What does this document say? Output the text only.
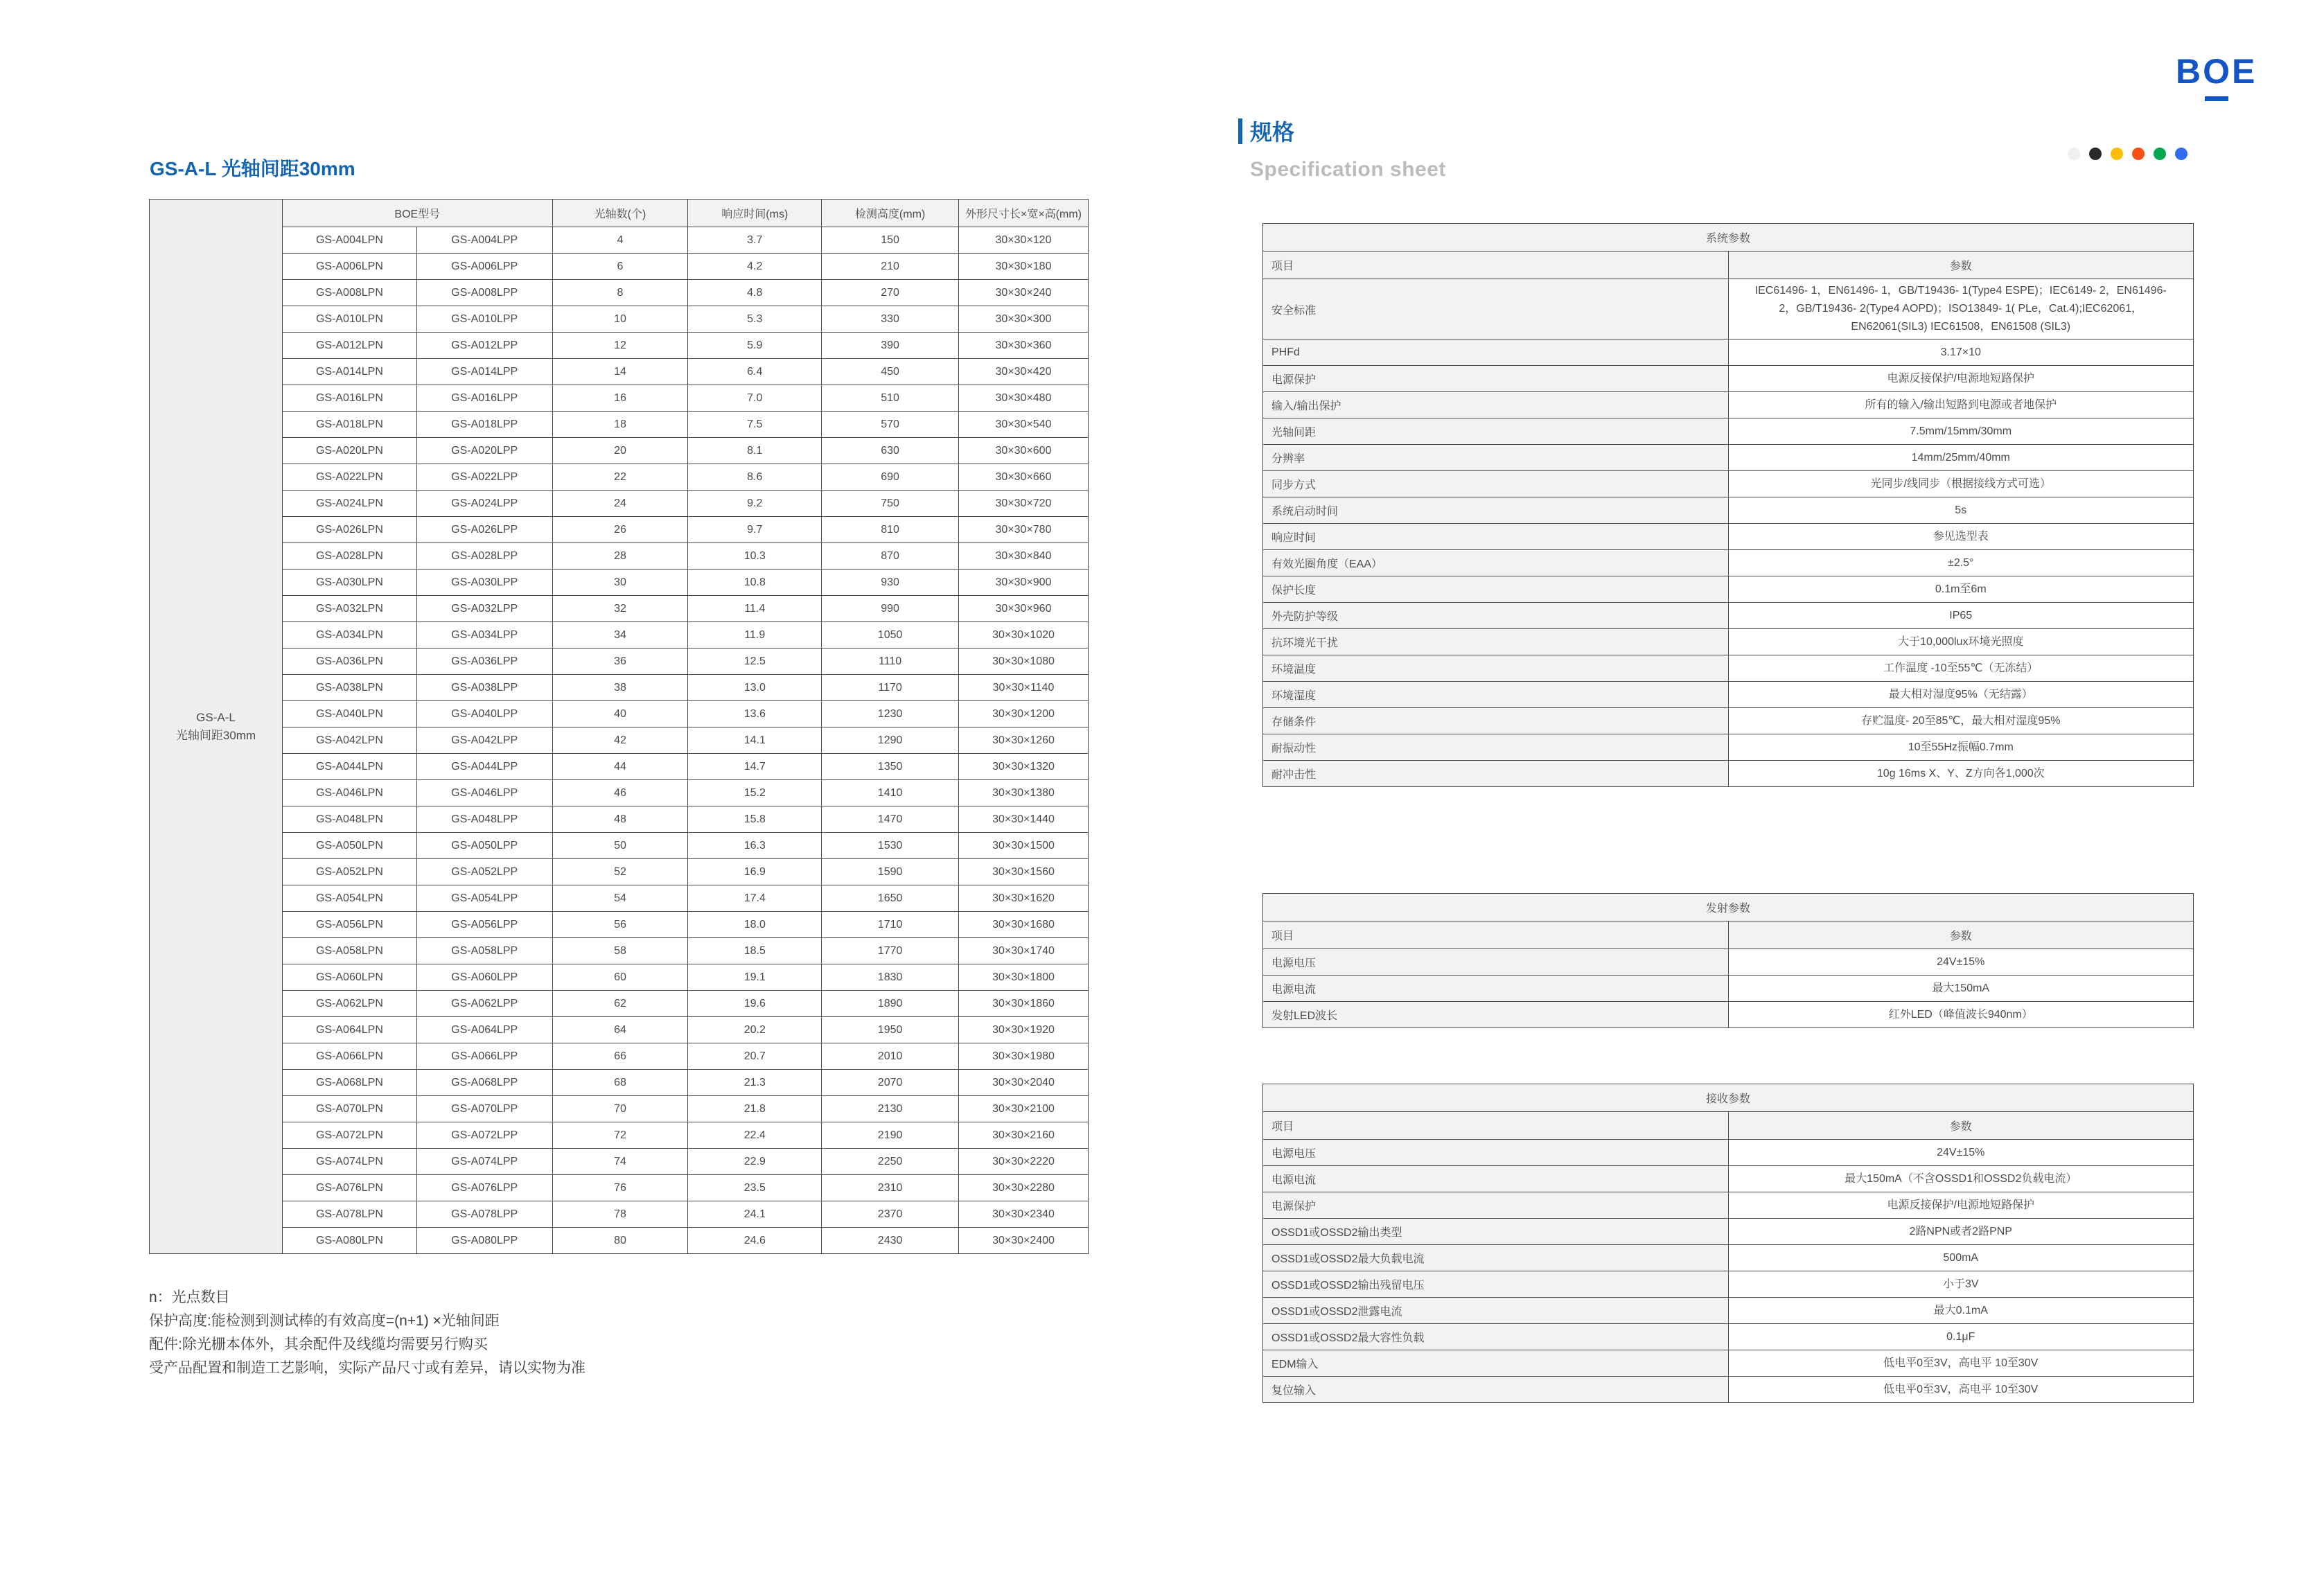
B O E
规格
Specification sheet
GS-A-L 光轴间距30mm
GS-A-L
光轴间距30mm
BOE型号		光轴数(个)	响应时间(ms)	检测高度(mm)	外形尺寸长×宽×高(mm)
GS-A004LPN	GS-A004LPP	4	3.7	150	30×30×120
GS-A006LPN	GS-A006LPP	6	4.2	210	30×30×180
GS-A008LPN	GS-A008LPP	8	4.8	270	30×30×240
GS-A010LPN	GS-A010LPP	10	5.3	330	30×30×300
GS-A012LPN	GS-A012LPP	12	5.9	390	30×30×360
GS-A014LPN	GS-A014LPP	14	6.4	450	30×30×420
GS-A016LPN	GS-A016LPP	16	7.0	510	30×30×480
GS-A018LPN	GS-A018LPP	18	7.5	570	30×30×540
GS-A020LPN	GS-A020LPP	20	8.1	630	30×30×600
GS-A022LPN	GS-A022LPP	22	8.6	690	30×30×660
GS-A024LPN	GS-A024LPP	24	9.2	750	30×30×720
GS-A026LPN	GS-A026LPP	26	9.7	810	30×30×780
GS-A028LPN	GS-A028LPP	28	10.3	870	30×30×840
GS-A030LPN	GS-A030LPP	30	10.8	930	30×30×900
GS-A032LPN	GS-A032LPP	32	11.4	990	30×30×960
GS-A034LPN	GS-A034LPP	34	11.9	1050	30×30×1020
GS-A036LPN	GS-A036LPP	36	12.5	1110	30×30×1080
GS-A038LPN	GS-A038LPP	38	13.0	1170	30×30×1140
GS-A040LPN	GS-A040LPP	40	13.6	1230	30×30×1200
GS-A042LPN	GS-A042LPP	42	14.1	1290	30×30×1260
GS-A044LPN	GS-A044LPP	44	14.7	1350	30×30×1320
GS-A046LPN	GS-A046LPP	46	15.2	1410	30×30×1380
GS-A048LPN	GS-A048LPP	48	15.8	1470	30×30×1440
GS-A050LPN	GS-A050LPP	50	16.3	1530	30×30×1500
GS-A052LPN	GS-A052LPP	52	16.9	1590	30×30×1560
GS-A054LPN	GS-A054LPP	54	17.4	1650	30×30×1620
GS-A056LPN	GS-A056LPP	56	18.0	1710	30×30×1680
GS-A058LPN	GS-A058LPP	58	18.5	1770	30×30×1740
GS-A060LPN	GS-A060LPP	60	19.1	1830	30×30×1800
GS-A062LPN	GS-A062LPP	62	19.6	1890	30×30×1860
GS-A064LPN	GS-A064LPP	64	20.2	1950	30×30×1920
GS-A066LPN	GS-A066LPP	66	20.7	2010	30×30×1980
GS-A068LPN	GS-A068LPP	68	21.3	2070	30×30×2040
GS-A070LPN	GS-A070LPP	70	21.8	2130	30×30×2100
GS-A072LPN	GS-A072LPP	72	22.4	2190	30×30×2160
GS-A074LPN	GS-A074LPP	74	22.9	2250	30×30×2220
GS-A076LPN	GS-A076LPP	76	23.5	2310	30×30×2280
GS-A078LPN	GS-A078LPP	78	24.1	2370	30×30×2340
GS-A080LPN	GS-A080LPP	80	24.6	2430	30×30×2400
n：光点数目
保护高度:能检测到测试棒的有效高度=(n+1) ×光轴间距
配件:除光栅本体外，其余配件及线缆均需要另行购买
受产品配置和制造工艺影响，实际产品尺寸或有差异，请以实物为准
系统参数	
项目	参数
安全标准	IEC61496- 1，EN61496- 1，GB/T19436- 1(Type4 ESPE)；IEC6149- 2，EN61496- 2，GB/T19436- 2(Type4 AOPD)；ISO13849- 1( PLe，Cat.4);IEC62061，EN62061(SIL3) IEC61508，EN61508 (SIL3)
PHFd	3.17×10
电源保护	电源反接保护/电源地短路保护
输入/输出保护	所有的输入/输出短路到电源或者地保护
光轴间距	7.5mm/15mm/30mm
分辨率	14mm/25mm/40mm
同步方式	光同步/线同步（根据接线方式可选）
系统启动时间	5s
响应时间	参见选型表
有效光圈角度（EAA）	±2.5°
保护长度	0.1m至6m
外壳防护等级	IP65
抗环境光干扰	大于10,000lux环境光照度
环境温度	工作温度 -10至55℃（无冻结）
环境湿度	最大相对湿度95%（无结露）
存储条件	存贮温度- 20至85℃，最大相对湿度95%
耐振动性	10至55Hz振幅0.7mm
耐冲击性	10g 16ms X、Y、Z方向各1,000次
发射参数	
项目	参数
电源电压	24V±15%
电源电流	最大150mA
发射LED波长	红外LED（峰值波长940nm）
接收参数	
项目	参数
电源电压	24V±15%
电源电流	最大150mA（不含OSSD1和OSSD2负载电流）
电源保护	电源反接保护/电源地短路保护
OSSD1或OSSD2输出类型	2路NPN或者2路PNP
OSSD1或OSSD2最大负载电流	500mA
OSSD1或OSSD2输出残留电压	小于3V
OSSD1或OSSD2泄露电流	最大0.1mA
OSSD1或OSSD2最大容性负载	0.1μF
EDM输入	低电平0至3V，高电平 10至30V
复位输入	低电平0至3V，高电平 10至30V
